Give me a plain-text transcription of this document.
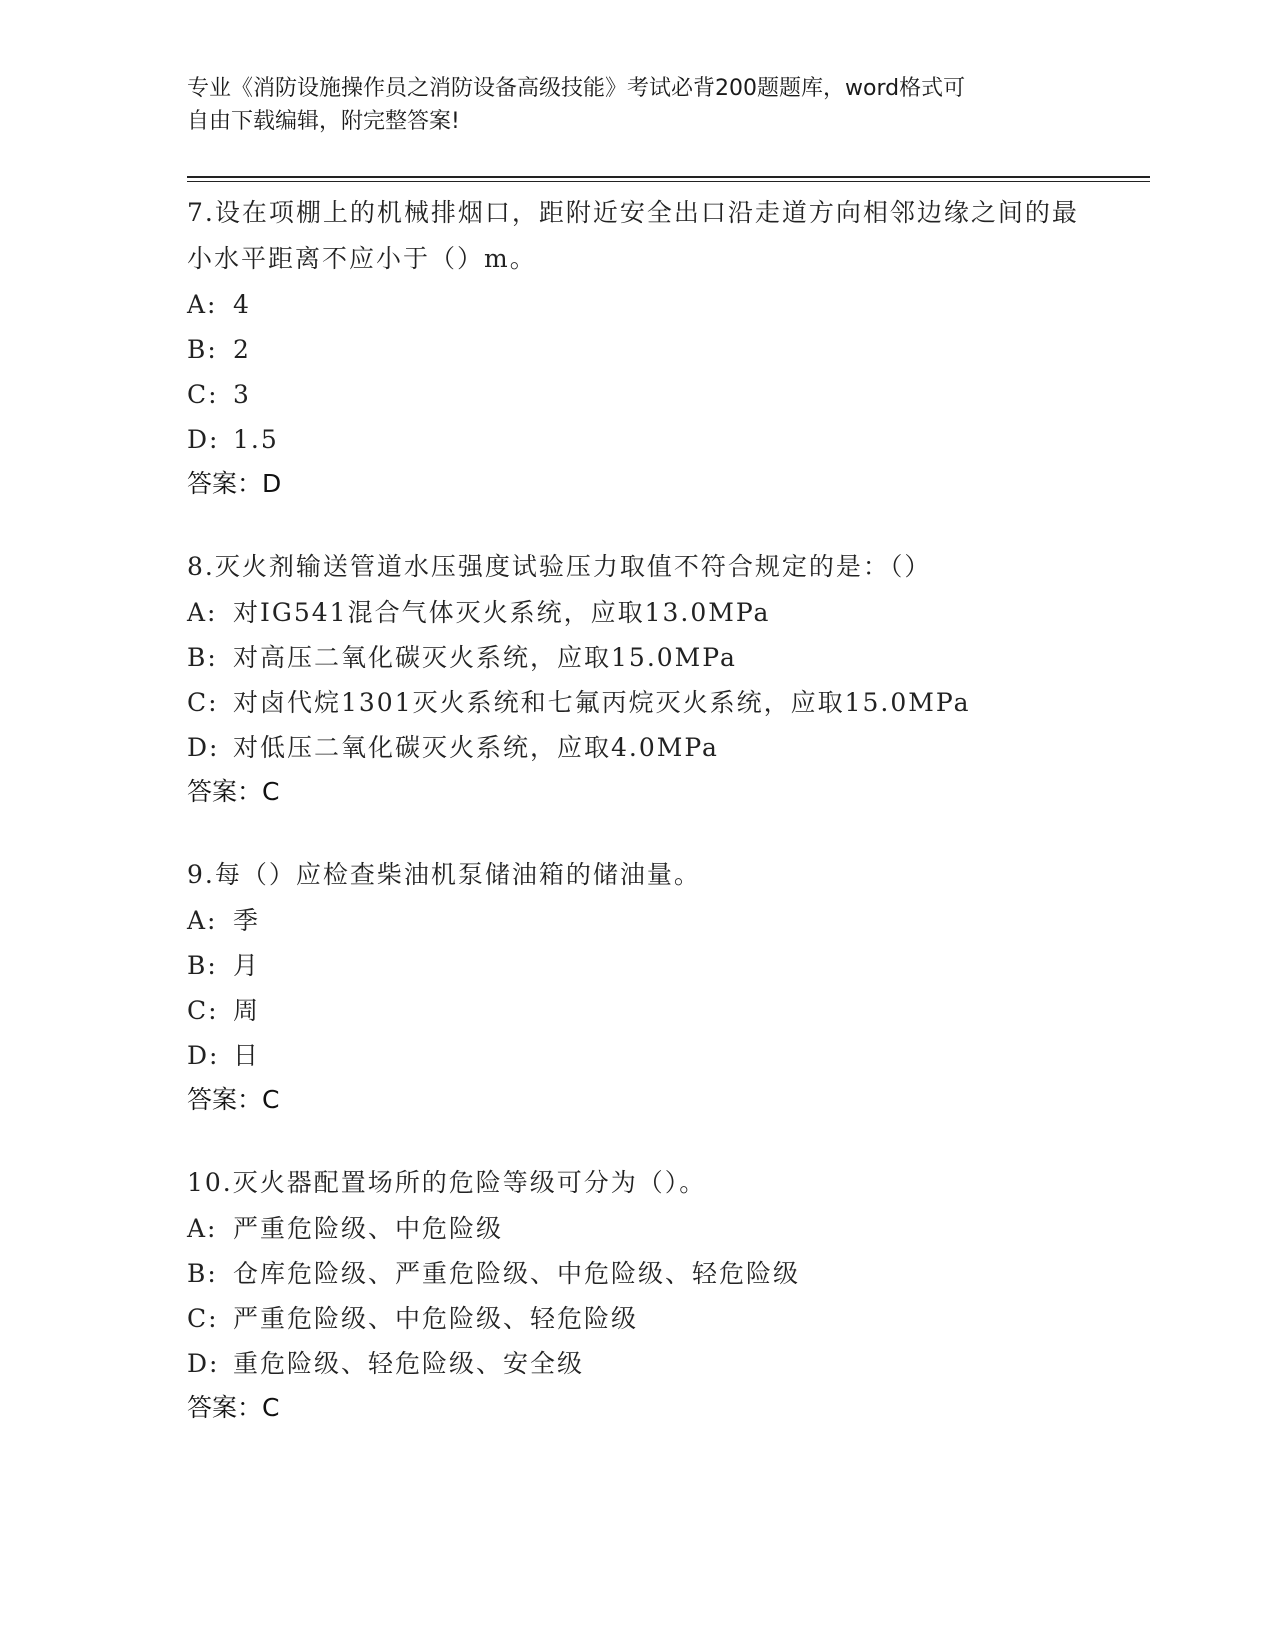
专业《消防设施操作员之消防设备高级技能》考试必背200题题库，word格式可
自由下载编辑，附完整答案!

7.设在项棚上的机械排烟口，距附近安全出口沿走道方向相邻边缘之间的最小水平距离不应小于（）m。

A: 4

B: 2

C: 3

D: 1.5

答案：D

8.灭火剂输送管道水压强度试验压力取值不符合规定的是：（）

A: 对IG541混合气体灭火系统，应取13.0MPa

B: 对高压二氧化碳灭火系统，应取15.0MPa

C: 对卤代烷1301灭火系统和七氟丙烷灭火系统，应取15.0MPa

D: 对低压二氧化碳灭火系统，应取4.0MPa

答案：C

9.每（）应检查柴油机泵储油箱的储油量。

A: 季

B: 月

C: 周

D: 日

答案：C

10.灭火器配置场所的危险等级可分为（）。

A: 严重危险级、中危险级

B: 仓库危险级、严重危险级、中危险级、轻危险级

C: 严重危险级、中危险级、轻危险级

D: 重危险级、轻危险级、安全级

答案：C
